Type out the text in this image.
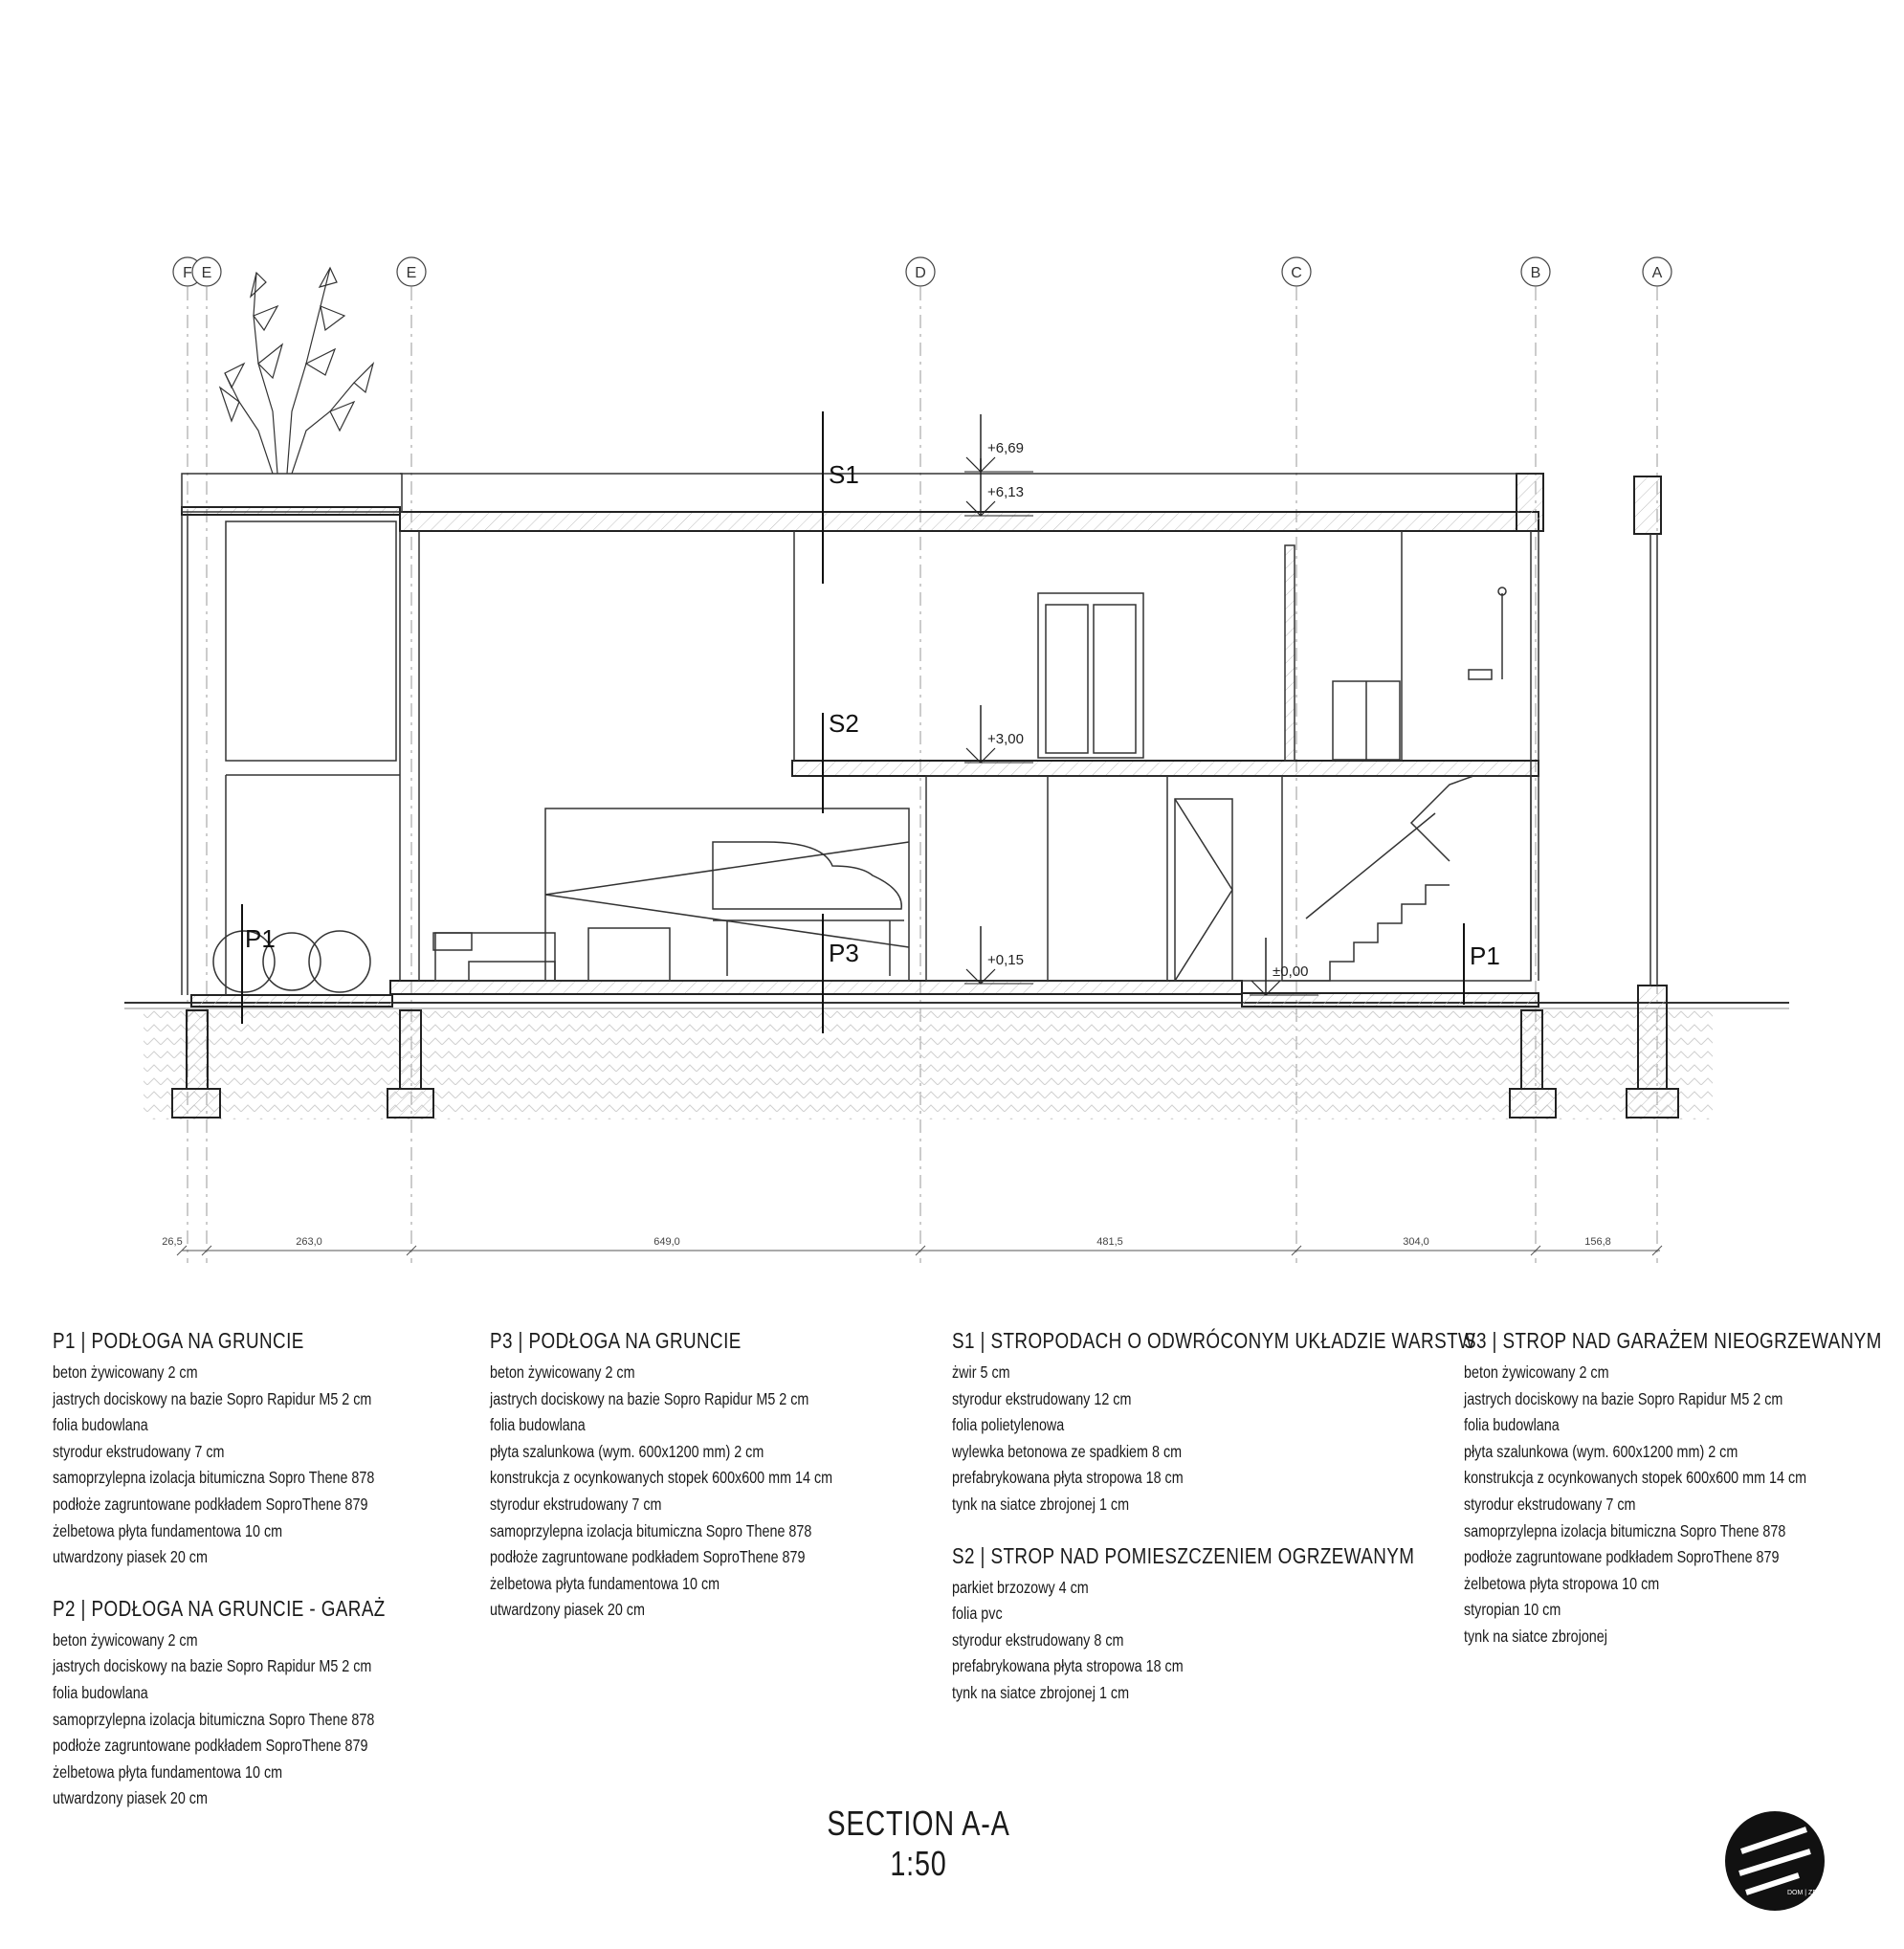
F E	E	D	C	B	A
26,5	263,0	649,0	481,5	304,0	156,8
S1
S2
P3
P1
P1
+6,69
+6,13
+3,00
+0,15
±0,00
P1 | PODŁOGA NA GRUNCIE
beton żywicowany 2 cm
jastrych dociskowy na bazie Sopro Rapidur M5 2 cm
folia budowlana
styrodur ekstrudowany 7 cm
samoprzylepna izolacja bitumiczna Sopro Thene 878
podłoże zagruntowane podkładem SoproThene 879
żelbetowa płyta fundamentowa 10 cm
utwardzony piasek 20 cm
P2 | PODŁOGA NA GRUNCIE - GARAŻ
beton żywicowany 2 cm
jastrych dociskowy na bazie Sopro Rapidur M5 2 cm
folia budowlana
samoprzylepna izolacja bitumiczna Sopro Thene 878
podłoże zagruntowane podkładem SoproThene 879
żelbetowa płyta fundamentowa 10 cm
utwardzony piasek 20 cm
P3 | PODŁOGA NA GRUNCIE
beton żywicowany 2 cm
jastrych dociskowy na bazie Sopro Rapidur M5 2 cm
folia budowlana
płyta szalunkowa (wym. 600x1200 mm) 2 cm
konstrukcja z ocynkowanych stopek 600x600 mm 14 cm
styrodur ekstrudowany 7 cm
samoprzylepna izolacja bitumiczna Sopro Thene 878
podłoże zagruntowane podkładem SoproThene 879
żelbetowa płyta fundamentowa 10 cm
utwardzony piasek 20 cm
S1 | STROPODACH O ODWRÓCONYM UKŁADZIE WARSTW
żwir 5 cm
styrodur ekstrudowany 12 cm
folia polietylenowa
wylewka betonowa ze spadkiem 8 cm
prefabrykowana płyta stropowa 18 cm
tynk na siatce zbrojonej 1 cm
S2 | STROP NAD POMIESZCZENIEM OGRZEWANYM
parkiet brzozowy 4 cm
folia pvc
styrodur ekstrudowany 8 cm
prefabrykowana płyta stropowa 18 cm
tynk na siatce zbrojonej 1 cm
S3 | STROP NAD GARAŻEM NIEOGRZEWANYM
beton żywicowany 2 cm
jastrych dociskowy na bazie Sopro Rapidur M5 2 cm
folia budowlana
płyta szalunkowa (wym. 600x1200 mm) 2 cm
konstrukcja z ocynkowanych stopek 600x600 mm 14 cm
styrodur ekstrudowany 7 cm
samoprzylepna izolacja bitumiczna Sopro Thene 878
podłoże zagruntowane podkładem SoproThene 879
żelbetowa płyta stropowa 10 cm
styropian 10 cm
tynk na siatce zbrojonej
SECTION A-A
1:50
DOM | ZEN
